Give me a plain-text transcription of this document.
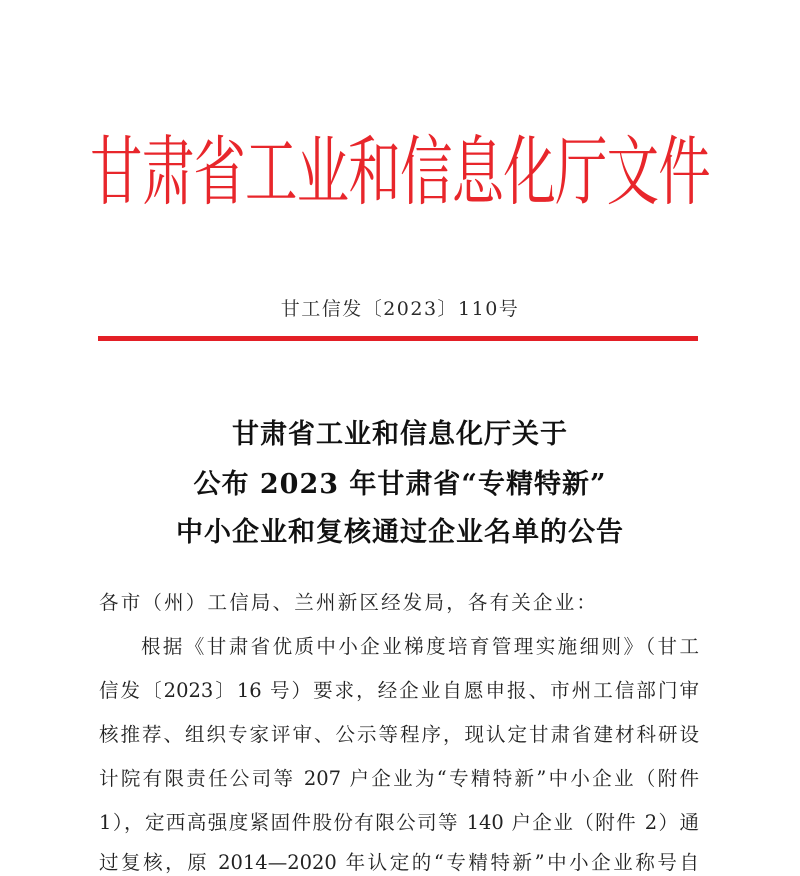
甘肃省工业和信息化厅文件
甘工信发〔2023〕110号
甘肃省工业和信息化厅关于
公布 2023 年甘肃省“专精特新”
中小企业和复核通过企业名单的公告
各市（州）工信局、兰州新区经发局，各有关企业：
根据《甘肃省优质中小企业梯度培育管理实施细则》（甘工
信发〔2023〕16 号）要求，经企业自愿申报、市州工信部门审
核推荐、组织专家评审、公示等程序，现认定甘肃省建材科研设
计院有限责任公司等 207 户企业为“专精特新”中小企业（附件
1），定西高强度紧固件股份有限公司等 140 户企业（附件 2）通
过复核，原 2014—2020 年认定的“专精特新”中小企业称号自
